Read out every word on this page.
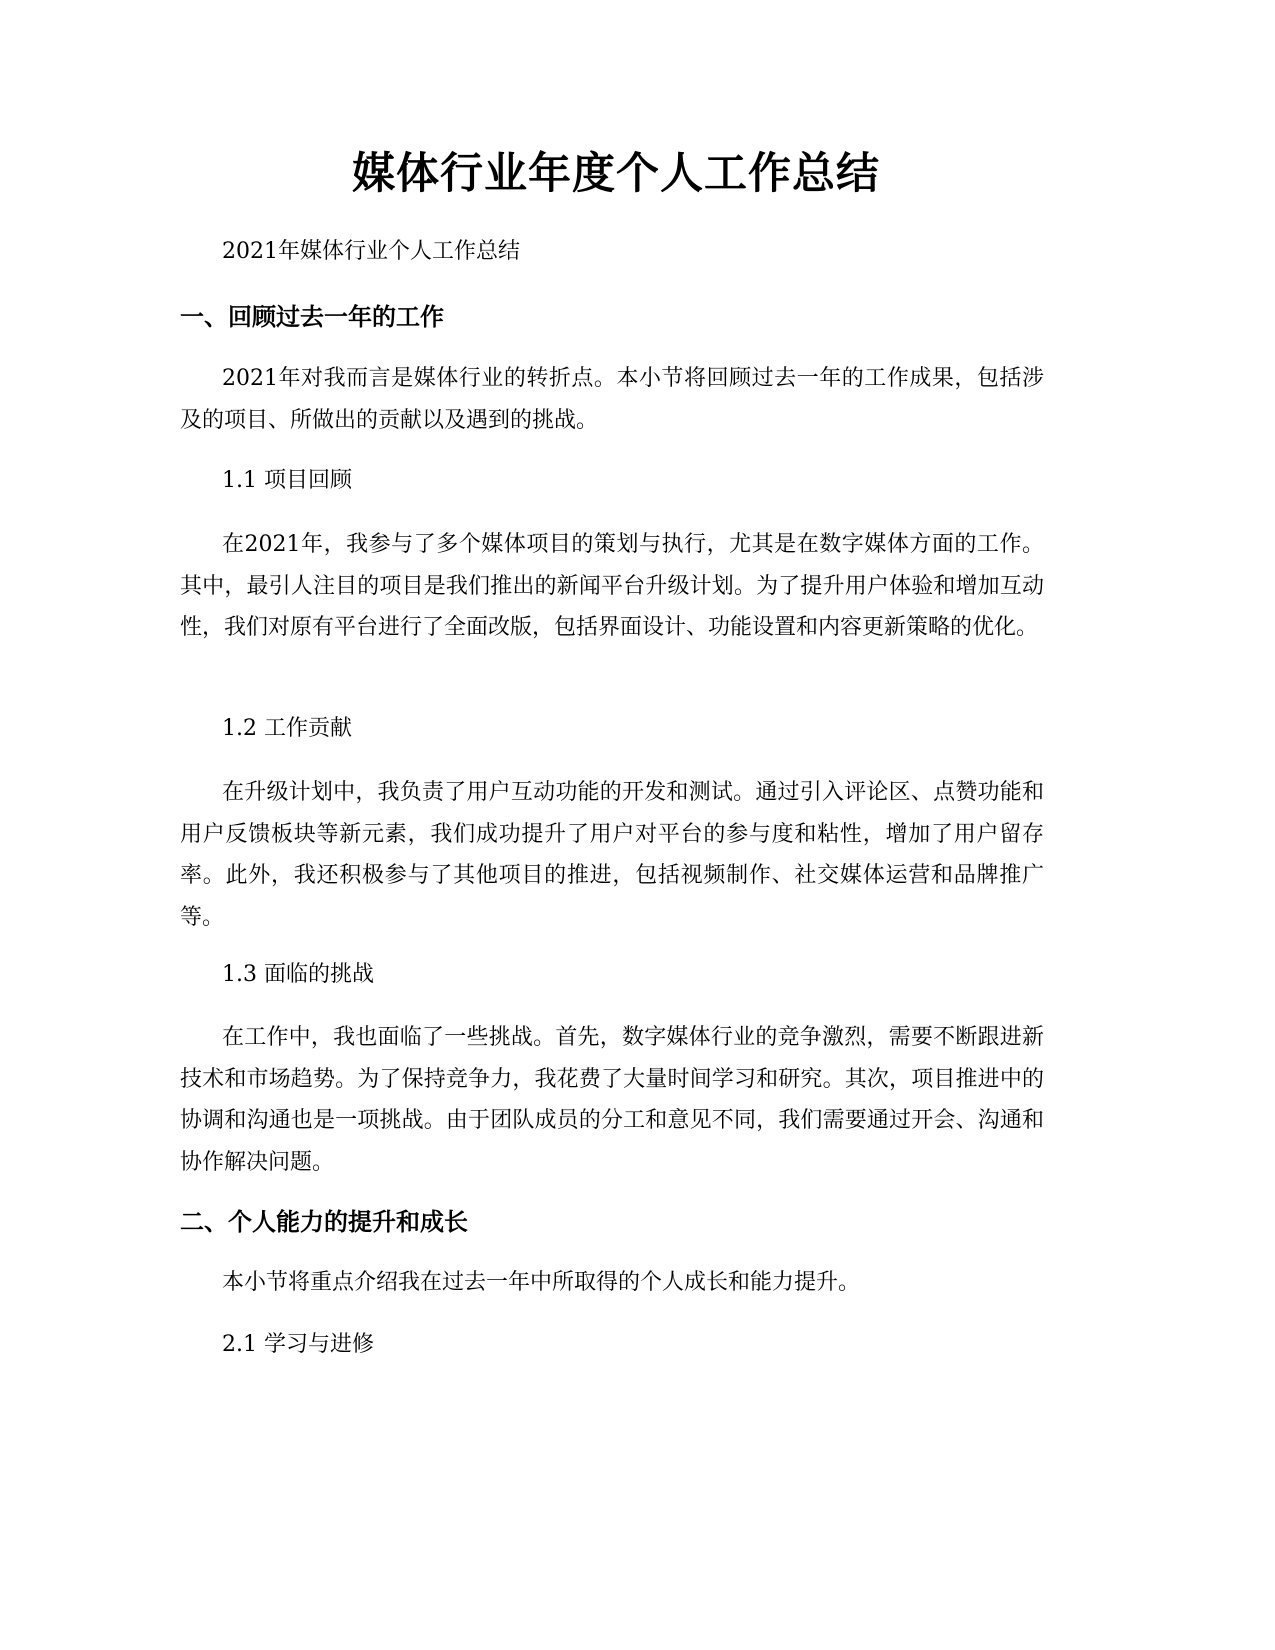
媒体行业年度个人工作总结
2021年媒体行业个人工作总结
一、回顾过去一年的工作
2021年对我而言是媒体行业的转折点。本小节将回顾过去一年的工作成果，包括涉及的项目、所做出的贡献以及遇到的挑战。
1.1 项目回顾
在2021年，我参与了多个媒体项目的策划与执行，尤其是在数字媒体方面的工作。其中，最引人注目的项目是我们推出的新闻平台升级计划。为了提升用户体验和增加互动性，我们对原有平台进行了全面改版，包括界面设计、功能设置和内容更新策略的优化。
1.2 工作贡献
在升级计划中，我负责了用户互动功能的开发和测试。通过引入评论区、点赞功能和用户反馈板块等新元素，我们成功提升了用户对平台的参与度和粘性，增加了用户留存率。此外，我还积极参与了其他项目的推进，包括视频制作、社交媒体运营和品牌推广等。
1.3 面临的挑战
在工作中，我也面临了一些挑战。首先，数字媒体行业的竞争激烈，需要不断跟进新技术和市场趋势。为了保持竞争力，我花费了大量时间学习和研究。其次，项目推进中的协调和沟通也是一项挑战。由于团队成员的分工和意见不同，我们需要通过开会、沟通和协作解决问题。
二、个人能力的提升和成长
本小节将重点介绍我在过去一年中所取得的个人成长和能力提升。
2.1 学习与进修
